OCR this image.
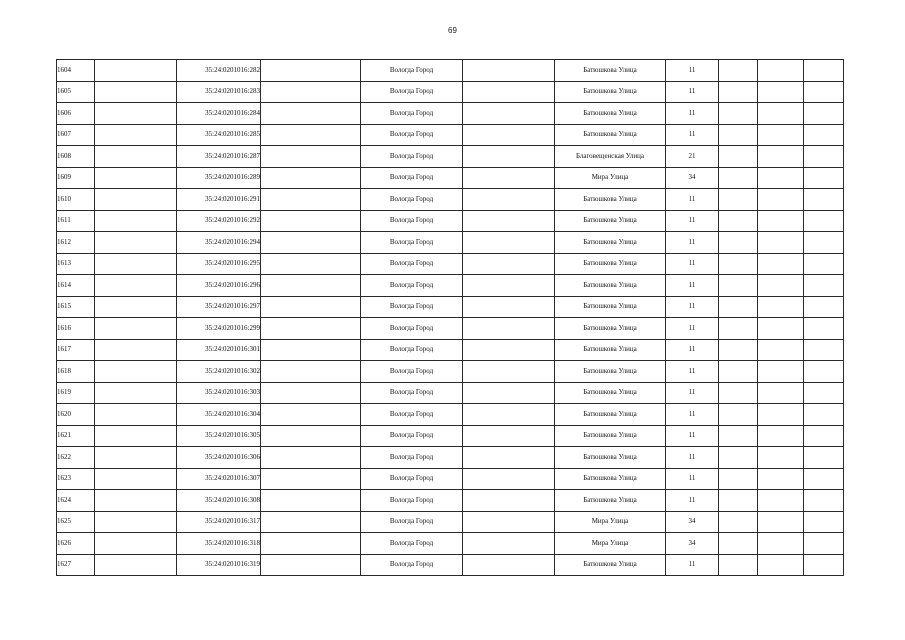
69
1604		35:24:0201016:282		Вологда Город		Батюшкова Улица	11			
1605		35:24:0201016:283		Вологда Город		Батюшкова Улица	11			
1606		35:24:0201016:284		Вологда Город		Батюшкова Улица	11			
1607		35:24:0201016:285		Вологда Город		Батюшкова Улица	11			
1608		35:24:0201016:287		Вологда Город		Благовещенская Улица	21			
1609		35:24:0201016:289		Вологда Город		Мира Улица	34			
1610		35:24:0201016:291		Вологда Город		Батюшкова Улица	11			
1611		35:24:0201016:292		Вологда Город		Батюшкова Улица	11			
1612		35:24:0201016:294		Вологда Город		Батюшкова Улица	11			
1613		35:24:0201016:295		Вологда Город		Батюшкова Улица	11			
1614		35:24:0201016:296		Вологда Город		Батюшкова Улица	11			
1615		35:24:0201016:297		Вологда Город		Батюшкова Улица	11			
1616		35:24:0201016:299		Вологда Город		Батюшкова Улица	11			
1617		35:24:0201016:301		Вологда Город		Батюшкова Улица	11			
1618		35:24:0201016:302		Вологда Город		Батюшкова Улица	11			
1619		35:24:0201016:303		Вологда Город		Батюшкова Улица	11			
1620		35:24:0201016:304		Вологда Город		Батюшкова Улица	11			
1621		35:24:0201016:305		Вологда Город		Батюшкова Улица	11			
1622		35:24:0201016:306		Вологда Город		Батюшкова Улица	11			
1623		35:24:0201016:307		Вологда Город		Батюшкова Улица	11			
1624		35:24:0201016:308		Вологда Город		Батюшкова Улица	11			
1625		35:24:0201016:317		Вологда Город		Мира Улица	34			
1626		35:24:0201016:318		Вологда Город		Мира Улица	34			
1627		35:24:0201016:319		Вологда Город		Батюшкова Улица	11			
